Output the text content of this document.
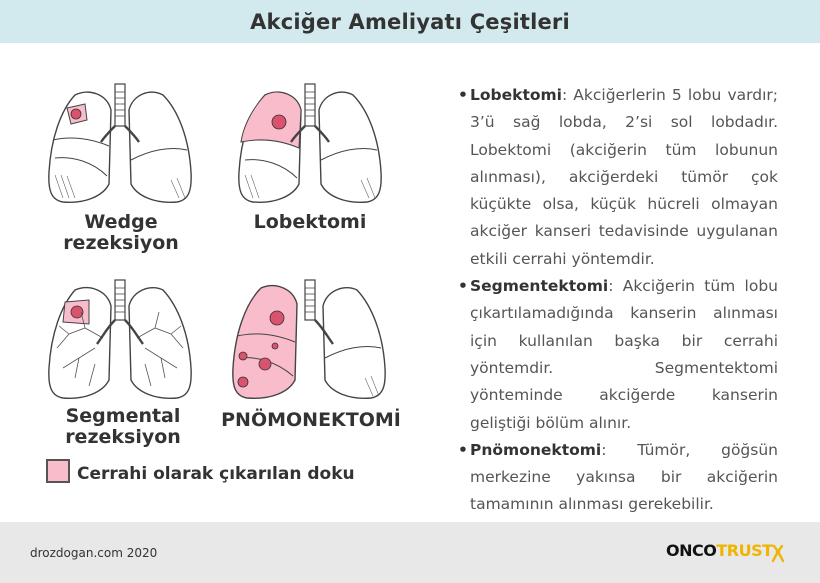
Akciğer Ameliyatı Çeşitleri
Wedge rezeksiyon
Lobektomi
Segmental
rezeksiyon
PNÖMONEKTOMİ
Cerrahi olarak çıkarılan doku
• Lobektomi: Akciğerlerin 5 lobu vardır; 3’ü sağ lobda, 2’si sol lobdadır. Lobektomi (akciğerin tüm lobunun alınması), akciğerdeki tümör çok küçükte olsa, küçük hücreli olmayan akciğer kanseri tedavisinde uygulanan etkili cerrahi yöntemdir.
• Segmentektomi: Akciğerin tüm lobu çıkartılamadığında kanserin alınması için kullanılan başka bir cerrahi yöntemdir. Segmentektomi yönteminde akciğerde kanserin geliştiği bölüm alınır.
• Pnömonektomi: Tümör, göğsün merkezine yakınsa bir akciğerin tamamının alınması gerekebilir.
drozdogan.com 2020	ONCOTRUST
